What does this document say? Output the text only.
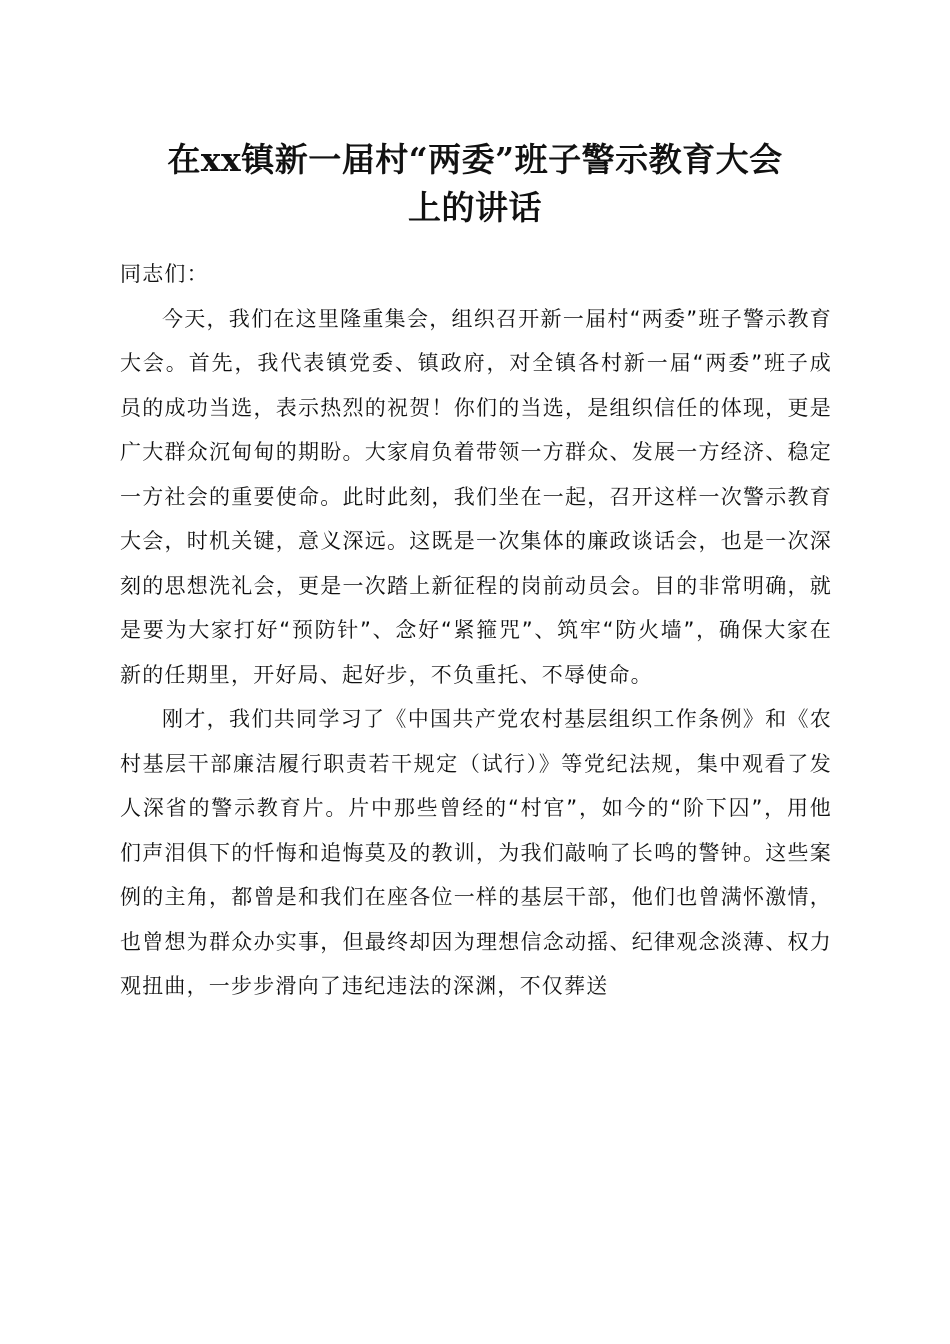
在xx镇新一届村“两委”班子警示教育大会
上的讲话

同志们：

今天，我们在这里隆重集会，组织召开新一届村“两委”班子警示教育大会。首先，我代表镇党委、镇政府，对全镇各村新一届“两委”班子成员的成功当选，表示热烈的祝贺！你们的当选，是组织信任的体现，更是广大群众沉甸甸的期盼。大家肩负着带领一方群众、发展一方经济、稳定一方社会的重要使命。此时此刻，我们坐在一起，召开这样一次警示教育大会，时机关键，意义深远。这既是一次集体的廉政谈话会，也是一次深刻的思想洗礼会，更是一次踏上新征程的岗前动员会。目的非常明确，就是要为大家打好“预防针”、念好“紧箍咒”、筑牢“防火墙”，确保大家在新的任期里，开好局、起好步，不负重托、不辱使命。

刚才，我们共同学习了《中国共产党农村基层组织工作条例》和《农村基层干部廉洁履行职责若干规定（试行）》等党纪法规，集中观看了发人深省的警示教育片。片中那些曾经的“村官”，如今的“阶下囚”，用他们声泪俱下的忏悔和追悔莫及的教训，为我们敲响了长鸣的警钟。这些案例的主角，都曾是和我们在座各位一样的基层干部，他们也曾满怀激情，也曾想为群众办实事，但最终却因为理想信念动摇、纪律观念淡薄、权力观扭曲，一步步滑向了违纪违法的深渊，不仅葬送
